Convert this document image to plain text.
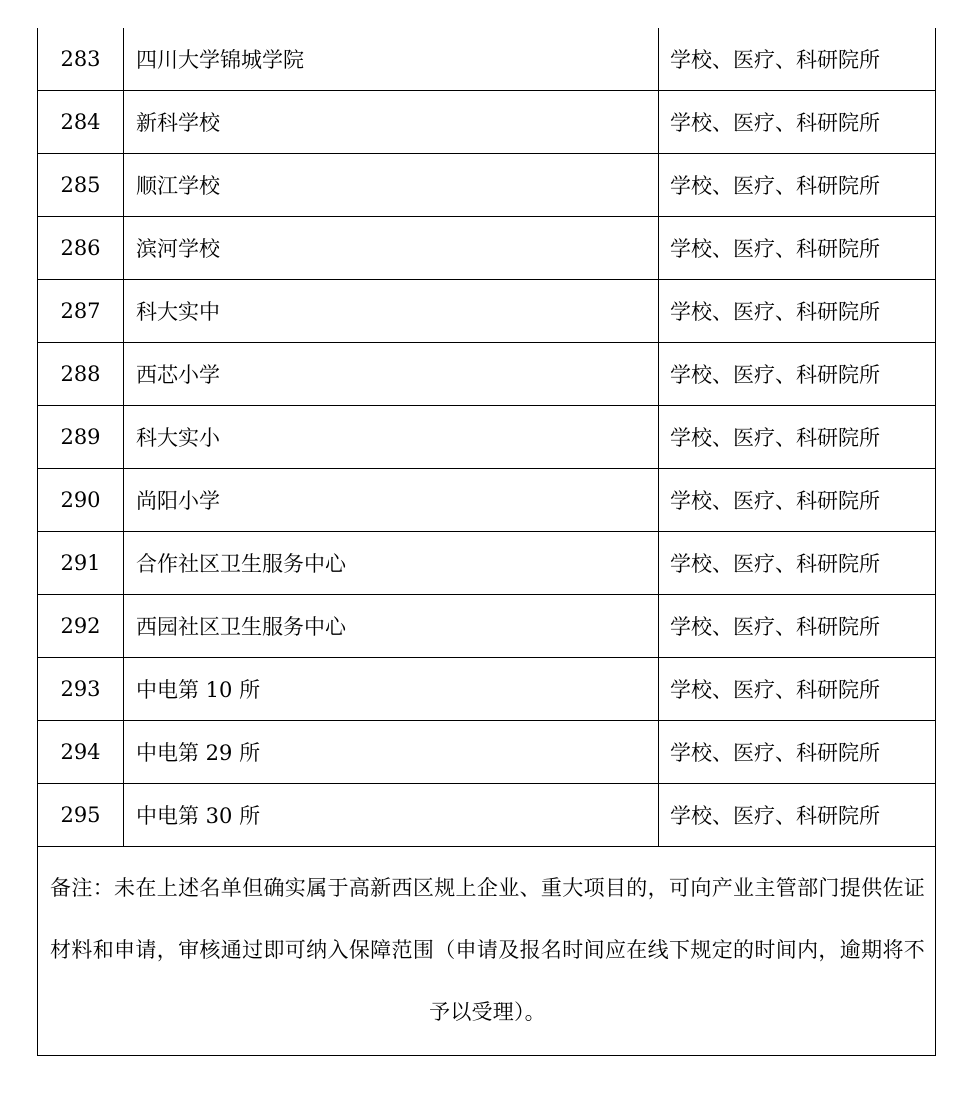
283	四川大学锦城学院	学校、医疗、科研院所
284	新科学校	学校、医疗、科研院所
285	顺江学校	学校、医疗、科研院所
286	滨河学校	学校、医疗、科研院所
287	科大实中	学校、医疗、科研院所
288	西芯小学	学校、医疗、科研院所
289	科大实小	学校、医疗、科研院所
290	尚阳小学	学校、医疗、科研院所
291	合作社区卫生服务中心	学校、医疗、科研院所
292	西园社区卫生服务中心	学校、医疗、科研院所
293	中电第 10 所	学校、医疗、科研院所
294	中电第 29 所	学校、医疗、科研院所
295	中电第 30 所	学校、医疗、科研院所
备注：未在上述名单但确实属于高新西区规上企业、重大项目的，可向产业主管部门提供佐证材料和申请，审核通过即可纳入保障范围（申请及报名时间应在线下规定的时间内，逾期将不予以受理）。		
